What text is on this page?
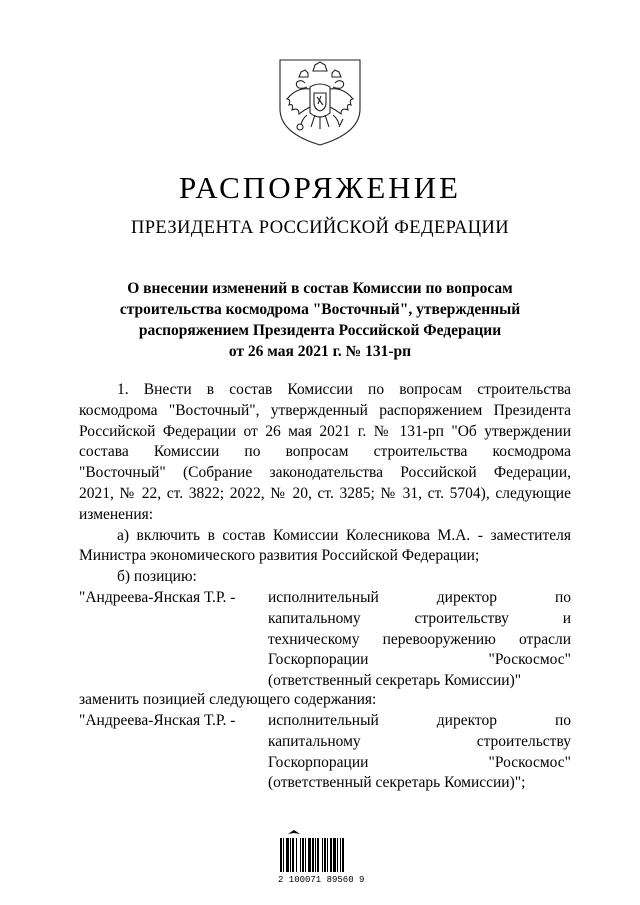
РАСПОРЯЖЕНИЕ
ПРЕЗИДЕНТА РОССИЙСКОЙ ФЕДЕРАЦИИ
О внесении изменений в состав Комиссии по вопросам
строительства космодрома "Восточный", утвержденный
распоряжением Президента Российской Федерации
от 26 мая 2021 г. № 131-рп
1. Внести в состав Комиссии по вопросам строительства
космодрома "Восточный", утвержденный распоряжением Президента
Российской Федерации от 26 мая 2021 г. № 131-рп "Об утверждении
состава Комиссии по вопросам строительства космодрома
"Восточный" (Собрание законодательства Российской Федерации,
2021, № 22, ст. 3822; 2022, № 20, ст. 3285; № 31, ст. 5704), следующие
изменения:
а) включить в состав Комиссии Колесникова М.А. - заместителя
Министра экономического развития Российской Федерации;
б) позицию:
"Андреева-Янская Т.Р. - исполнительный директор по
капитальному строительству и
техническому перевооружению отрасли
Госкорпорации "Роскосмос"
(ответственный секретарь Комиссии)"
заменить позицией следующего содержания:
"Андреева-Янская Т.Р. - исполнительный директор по
капитальному строительству
Госкорпорации "Роскосмос"
(ответственный секретарь Комиссии)";
2 100071 89560 9
